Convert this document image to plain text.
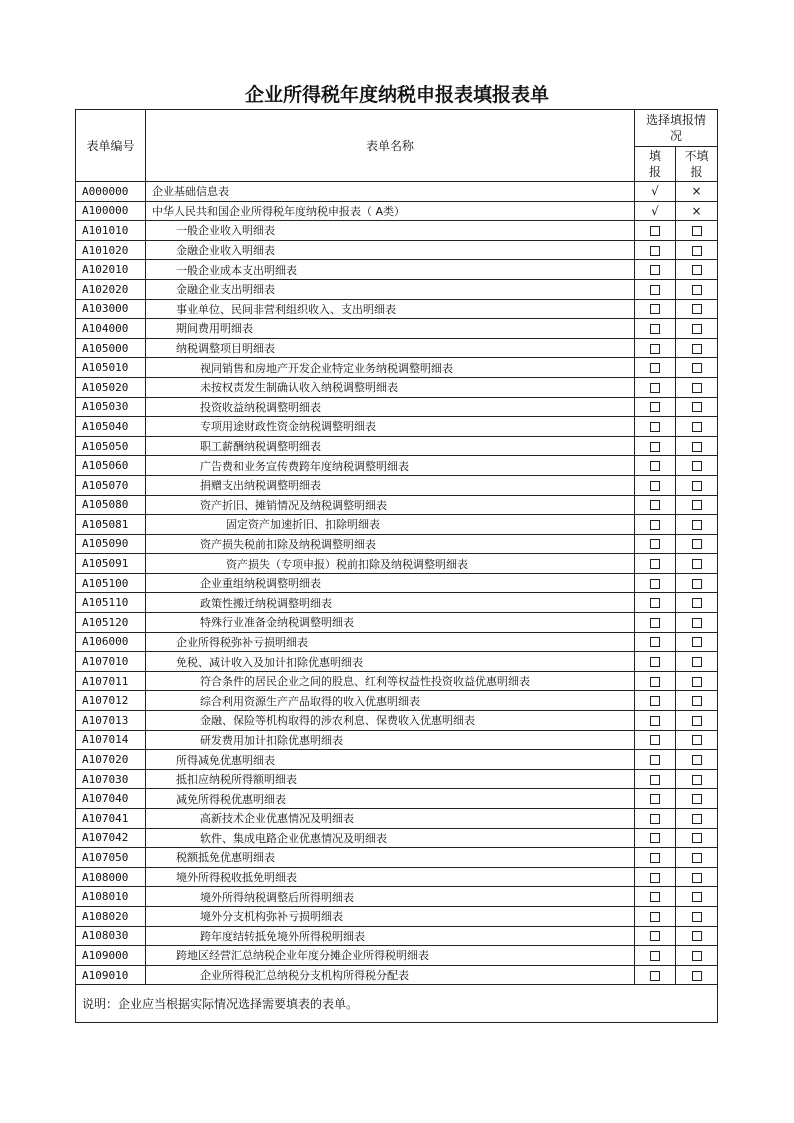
企业所得税年度纳税申报表填报表单
表单编号	表单名称	选择填报情
况	
		填
报	不填
报
A000000	企业基础信息表	√	×
A100000	中华人民共和国企业所得税年度纳税申报表（ A类）	√	×
A101010	一般企业收入明细表		
A101020	金融企业收入明细表		
A102010	一般企业成本支出明细表		
A102020	金融企业支出明细表		
A103000	事业单位、民间非营利组织收入、支出明细表		
A104000	期间费用明细表		
A105000	纳税调整项目明细表		
A105010	视同销售和房地产开发企业特定业务纳税调整明细表		
A105020	未按权责发生制确认收入纳税调整明细表		
A105030	投资收益纳税调整明细表		
A105040	专项用途财政性资金纳税调整明细表		
A105050	职工薪酬纳税调整明细表		
A105060	广告费和业务宣传费跨年度纳税调整明细表		
A105070	捐赠支出纳税调整明细表		
A105080	资产折旧、摊销情况及纳税调整明细表		
A105081	固定资产加速折旧、扣除明细表		
A105090	资产损失税前扣除及纳税调整明细表		
A105091	资产损失（专项申报）税前扣除及纳税调整明细表		
A105100	企业重组纳税调整明细表		
A105110	政策性搬迁纳税调整明细表		
A105120	特殊行业准备金纳税调整明细表		
A106000	企业所得税弥补亏损明细表		
A107010	免税、减计收入及加计扣除优惠明细表		
A107011	符合条件的居民企业之间的股息、红利等权益性投资收益优惠明细表		
A107012	综合利用资源生产产品取得的收入优惠明细表		
A107013	金融、保险等机构取得的涉农利息、保费收入优惠明细表		
A107014	研发费用加计扣除优惠明细表		
A107020	所得减免优惠明细表		
A107030	抵扣应纳税所得额明细表		
A107040	减免所得税优惠明细表		
A107041	高新技术企业优惠情况及明细表		
A107042	软件、集成电路企业优惠情况及明细表		
A107050	税额抵免优惠明细表		
A108000	境外所得税收抵免明细表		
A108010	境外所得纳税调整后所得明细表		
A108020	境外分支机构弥补亏损明细表		
A108030	跨年度结转抵免境外所得税明细表		
A109000	跨地区经营汇总纳税企业年度分摊企业所得税明细表		
A109010	企业所得税汇总纳税分支机构所得税分配表		
说明：企业应当根据实际情况选择需要填表的表单。			
